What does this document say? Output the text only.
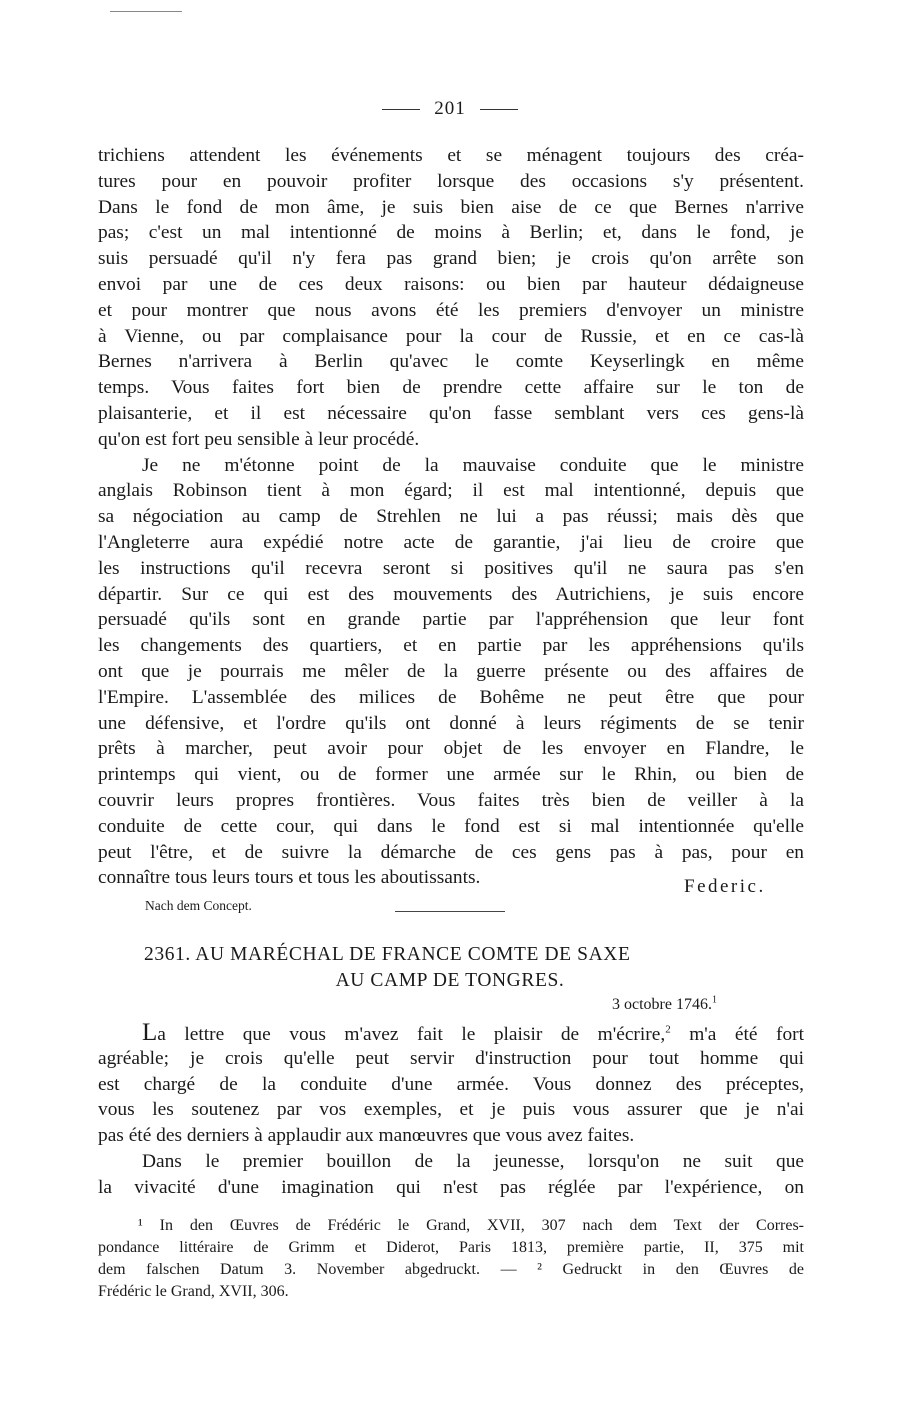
201
trichiens attendent les événements et se ménagent toujours des créa-
tures pour en pouvoir profiter lorsque des occasions s'y présentent.
Dans le fond de mon âme, je suis bien aise de ce que Bernes n'arrive
pas; c'est un mal intentionné de moins à Berlin; et, dans le fond, je
suis persuadé qu'il n'y fera pas grand bien; je crois qu'on arrête son
envoi par une de ces deux raisons: ou bien par hauteur dédaigneuse
et pour montrer que nous avons été les premiers d'envoyer un ministre
à Vienne, ou par complaisance pour la cour de Russie, et en ce cas-là
Bernes n'arrivera à Berlin qu'avec le comte Keyserlingk en même
temps. Vous faites fort bien de prendre cette affaire sur le ton de
plaisanterie, et il est nécessaire qu'on fasse semblant vers ces gens-là
qu'on est fort peu sensible à leur procédé.
Je ne m'étonne point de la mauvaise conduite que le ministre
anglais Robinson tient à mon égard; il est mal intentionné, depuis que
sa négociation au camp de Strehlen ne lui a pas réussi; mais dès que
l'Angleterre aura expédié notre acte de garantie, j'ai lieu de croire que
les instructions qu'il recevra seront si positives qu'il ne saura pas s'en
départir. Sur ce qui est des mouvements des Autrichiens, je suis encore
persuadé qu'ils sont en grande partie par l'appréhension que leur font
les changements des quartiers, et en partie par les appréhensions qu'ils
ont que je pourrais me mêler de la guerre présente ou des affaires de
l'Empire. L'assemblée des milices de Bohême ne peut être que pour
une défensive, et l'ordre qu'ils ont donné à leurs régiments de se tenir
prêts à marcher, peut avoir pour objet de les envoyer en Flandre, le
printemps qui vient, ou de former une armée sur le Rhin, ou bien de
couvrir leurs propres frontières. Vous faites très bien de veiller à la
conduite de cette cour, qui dans le fond est si mal intentionnée qu'elle
peut l'être, et de suivre la démarche de ces gens pas à pas, pour en
connaître tous leurs tours et tous les aboutissants.	Federic.
Nach dem Concept.
2361. AU MARÉCHAL DE FRANCE COMTE DE SAXE
AU CAMP DE TONGRES.
3 octobre 1746.$^1$
La lettre que vous m'avez fait le plaisir de m'écrire,$^2$ m'a été fort
agréable; je crois qu'elle peut servir d'instruction pour tout homme qui
est chargé de la conduite d'une armée. Vous donnez des préceptes,
vous les soutenez par vos exemples, et je puis vous assurer que je n'ai
pas été des derniers à applaudir aux manœuvres que vous avez faites.
Dans le premier bouillon de la jeunesse, lorsqu'on ne suit que
la vivacité d'une imagination qui n'est pas réglée par l'expérience, on
¹ In den Œuvres de Frédéric le Grand, XVII, 307 nach dem Text der Corres-
pondance littéraire de Grimm et Diderot, Paris 1813, première partie, II, 375 mit
dem falschen Datum 3. November abgedruckt. — ² Gedruckt in den Œuvres de
Frédéric le Grand, XVII, 306.
